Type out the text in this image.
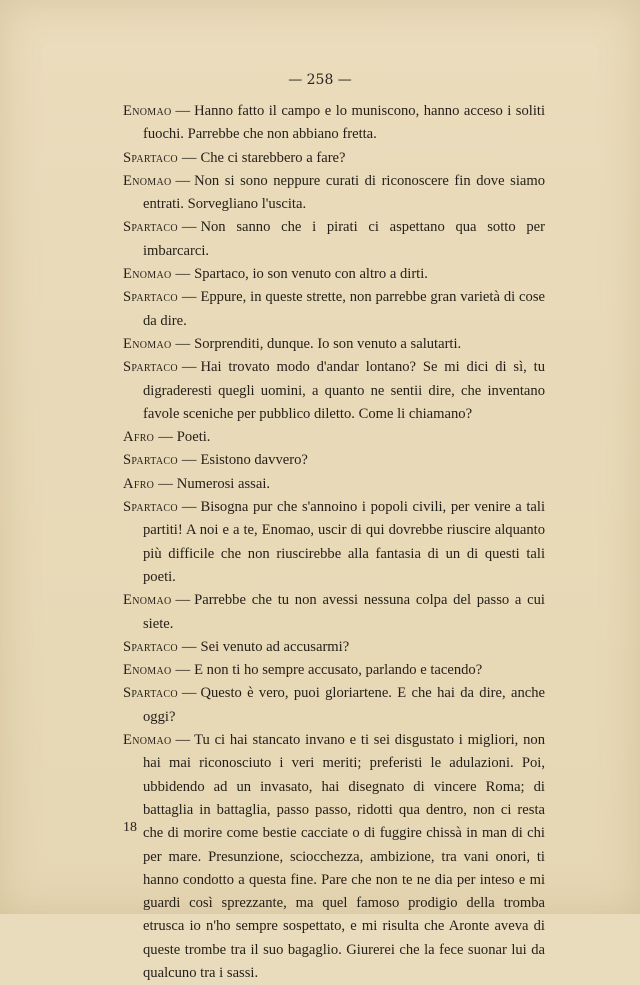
— 258 —

Enomao — Hanno fatto il campo e lo muniscono, hanno acceso i soliti fuochi. Parrebbe che non abbiano fretta.

Spartaco — Che ci starebbero a fare?

Enomao — Non si sono neppure curati di riconoscere fin dove siamo entrati. Sorvegliano l'uscita.

Spartaco — Non sanno che i pirati ci aspettano qua sotto per imbarcarci.

Enomao — Spartaco, io son venuto con altro a dirti.

Spartaco — Eppure, in queste strette, non parrebbe gran varietà di cose da dire.

Enomao — Sorprenditi, dunque. Io son venuto a salutarti.

Spartaco — Hai trovato modo d'andar lontano? Se mi dici di sì, tu digraderesti quegli uomini, a quanto ne sentii dire, che inventano favole sceniche per pubblico diletto. Come li chiamano?

Afro — Poeti.

Spartaco — Esistono davvero?

Afro — Numerosi assai.

Spartaco — Bisogna pur che s'annoino i popoli civili, per venire a tali partiti! A noi e a te, Enomao, uscir di qui dovrebbe riuscire alquanto più difficile che non riuscirebbe alla fantasia di un di questi tali poeti.

Enomao — Parrebbe che tu non avessi nessuna colpa del passo a cui siete.

Spartaco — Sei venuto ad accusarmi?

Enomao — E non ti ho sempre accusato, parlando e tacendo?

Spartaco — Questo è vero, puoi gloriartene. E che hai da dire, anche oggi?

Enomao — Tu ci hai stancato invano e ti sei disgustato i migliori, non hai mai riconosciuto i veri meriti; preferisti le adulazioni. Poi, ubbidendo ad un invasato, hai disegnato di vincere Roma; di battaglia in battaglia, passo passo, ridotti qua dentro, non ci resta che di morire come bestie cacciate o di fuggire chissà in man di chi per mare. Presunzione, sciocchezza, ambizione, tra vani onori, ti hanno condotto a questa fine. Pare che non te ne dia per inteso e mi guardi così sprezzante, ma quel famoso prodigio della tromba etrusca io n'ho sempre sospettato, e mi risulta che Aronte aveva di queste trombe tra il suo bagaglio. Giurerei che la fece suonar lui da qualcuno tra i sassi.

18
